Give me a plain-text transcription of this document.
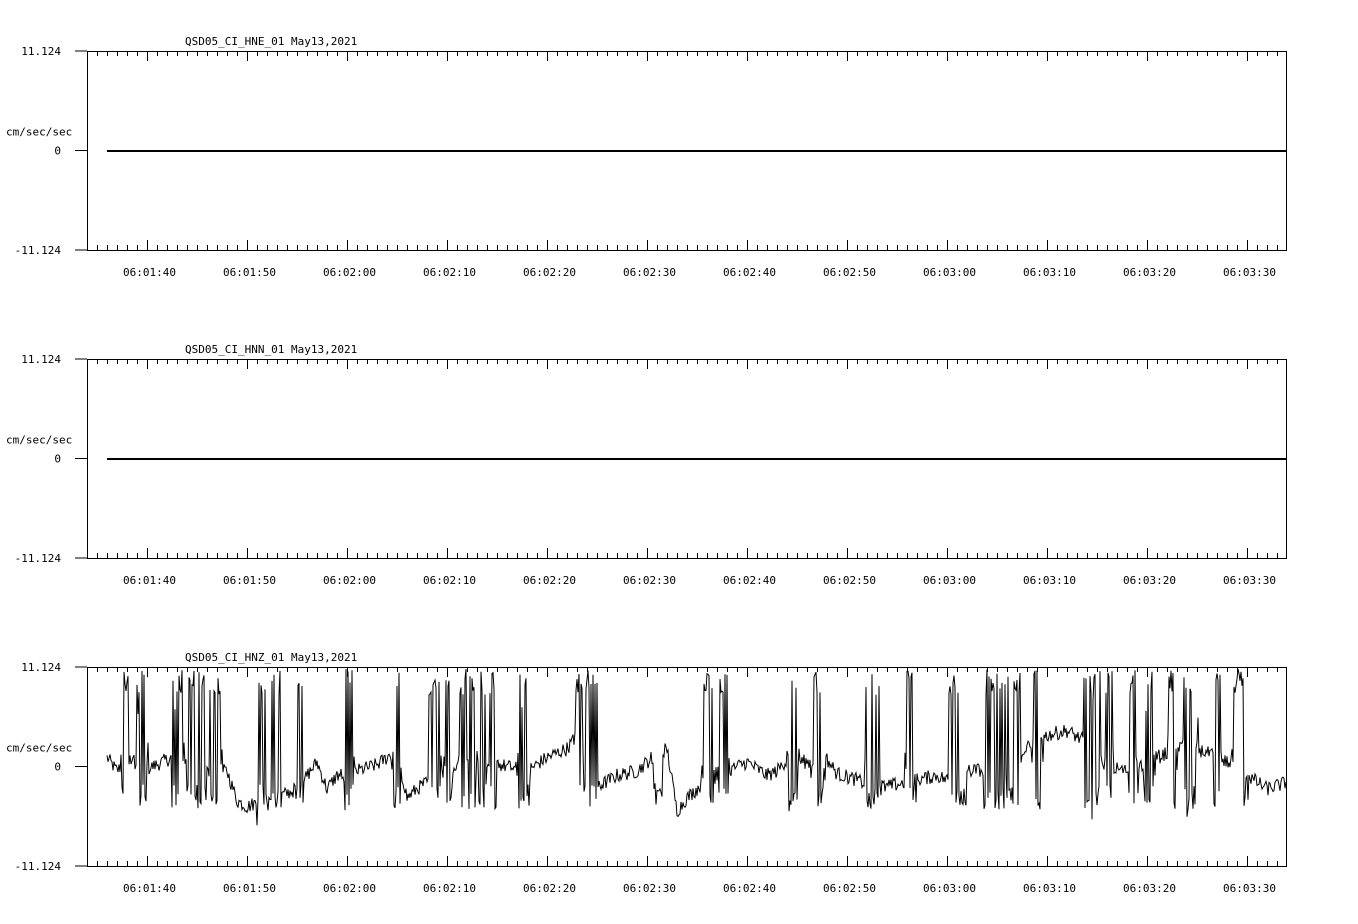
QSD05_CI_HNE_01 May13,2021
cm/sec/sec
11.124
0
-11.124
06:01:40	06:01:50	06:02:00	06:02:10	06:02:20	06:02:30	06:02:40	06:02:50	06:03:00	06:03:10	06:03:20	06:03:30
QSD05_CI_HNN_01 May13,2021
cm/sec/sec
11.124
0
-11.124
06:01:40	06:01:50	06:02:00	06:02:10	06:02:20	06:02:30	06:02:40	06:02:50	06:03:00	06:03:10	06:03:20	06:03:30
QSD05_CI_HNZ_01 May13,2021
cm/sec/sec
11.124
0
-11.124
06:01:40	06:01:50	06:02:00	06:02:10	06:02:20	06:02:30	06:02:40	06:02:50	06:03:00	06:03:10	06:03:20	06:03:30
